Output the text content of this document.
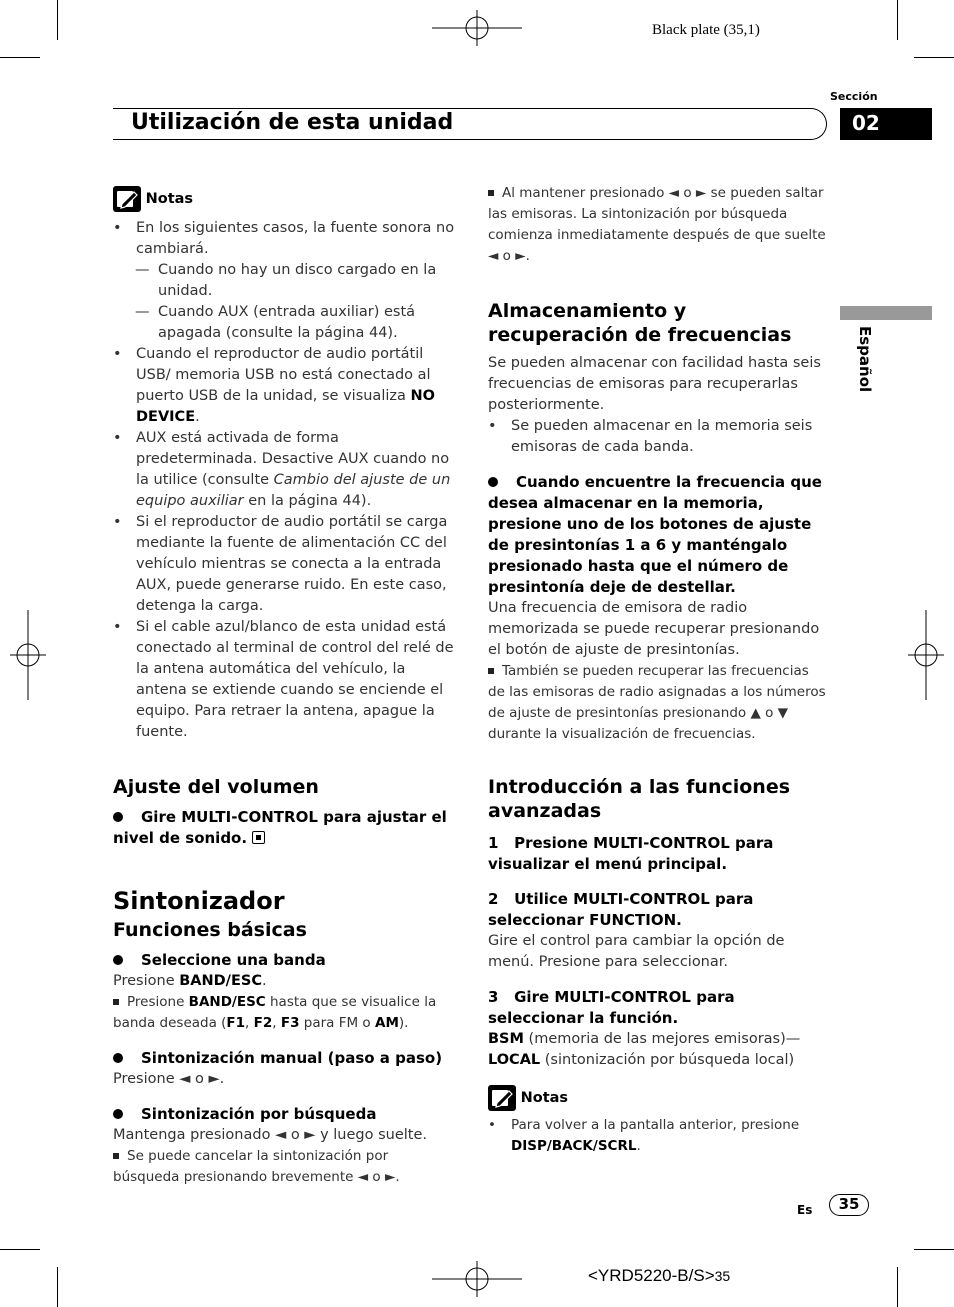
Black plate (35,1)
Sección
Utilización de esta unidad	02
Español
Notas
• En los siguientes casos, la fuente sonora no cambiará.
— Cuando no hay un disco cargado en la unidad.
— Cuando AUX (entrada auxiliar) está apagada (consulte la página 44).
• Cuando el reproductor de audio portátil USB/ memoria USB no está conectado al puerto USB de la unidad, se visualiza NO DEVICE.
• AUX está activada de forma predeterminada. Desactive AUX cuando no la utilice (consulte Cambio del ajuste de un equipo auxiliar en la página 44).
• Si el reproductor de audio portátil se carga mediante la fuente de alimentación CC del vehículo mientras se conecta a la entrada AUX, puede generarse ruido. En este caso, detenga la carga.
• Si el cable azul/blanco de esta unidad está conectado al terminal de control del relé de la antena automática del vehículo, la antena se extiende cuando se enciende el equipo. Para retraer la antena, apague la fuente.
Ajuste del volumen
Gire MULTI-CONTROL para ajustar el nivel de sonido.
Sintonizador
Funciones básicas
Seleccione una banda

Presione BAND/ESC.

Presione BAND/ESC hasta que se visualice la banda deseada (F1, F2, F3 para FM o AM).

Sintonización manual (paso a paso)

Presione ◄ o ►.

Sintonización por búsqueda

Mantenga presionado ◄ o ► y luego suelte.

Se puede cancelar la sintonización por búsqueda presionando brevemente ◄ o ►.

Al mantener presionado ◄ o ► se pueden saltar las emisoras. La sintonización por búsqueda comienza inmediatamente después de que suelte ◄ o ►.

Almacenamiento y recuperación de frecuencias

Se pueden almacenar con facilidad hasta seis frecuencias de emisoras para recuperarlas posteriormente.

• Se pueden almacenar en la memoria seis emisoras de cada banda.
Cuando encuentre la frecuencia que desea almacenar en la memoria, presione uno de los botones de ajuste de presintonías 1 a 6 y manténgalo presionado hasta que el número de presintonía deje de destellar.

Una frecuencia de emisora de radio memorizada se puede recuperar presionando el botón de ajuste de presintonías.

También se pueden recuperar las frecuencias de las emisoras de radio asignadas a los números de ajuste de presintonías presionando ▲ o ▼ durante la visualización de frecuencias.

Introducción a las funciones avanzadas
1 Presione MULTI-CONTROL para visualizar el menú principal.
2 Utilice MULTI-CONTROL para seleccionar FUNCTION.

Gire el control para cambiar la opción de menú. Presione para seleccionar.

3 Gire MULTI-CONTROL para seleccionar la función.

BSM (memoria de las mejores emisoras)—

LOCAL (sintonización por búsqueda local)

Notas
• Para volver a la pantalla anterior, presione DISP/BACK/SCRL.
Es	35
<YRD5220-B/S>35
